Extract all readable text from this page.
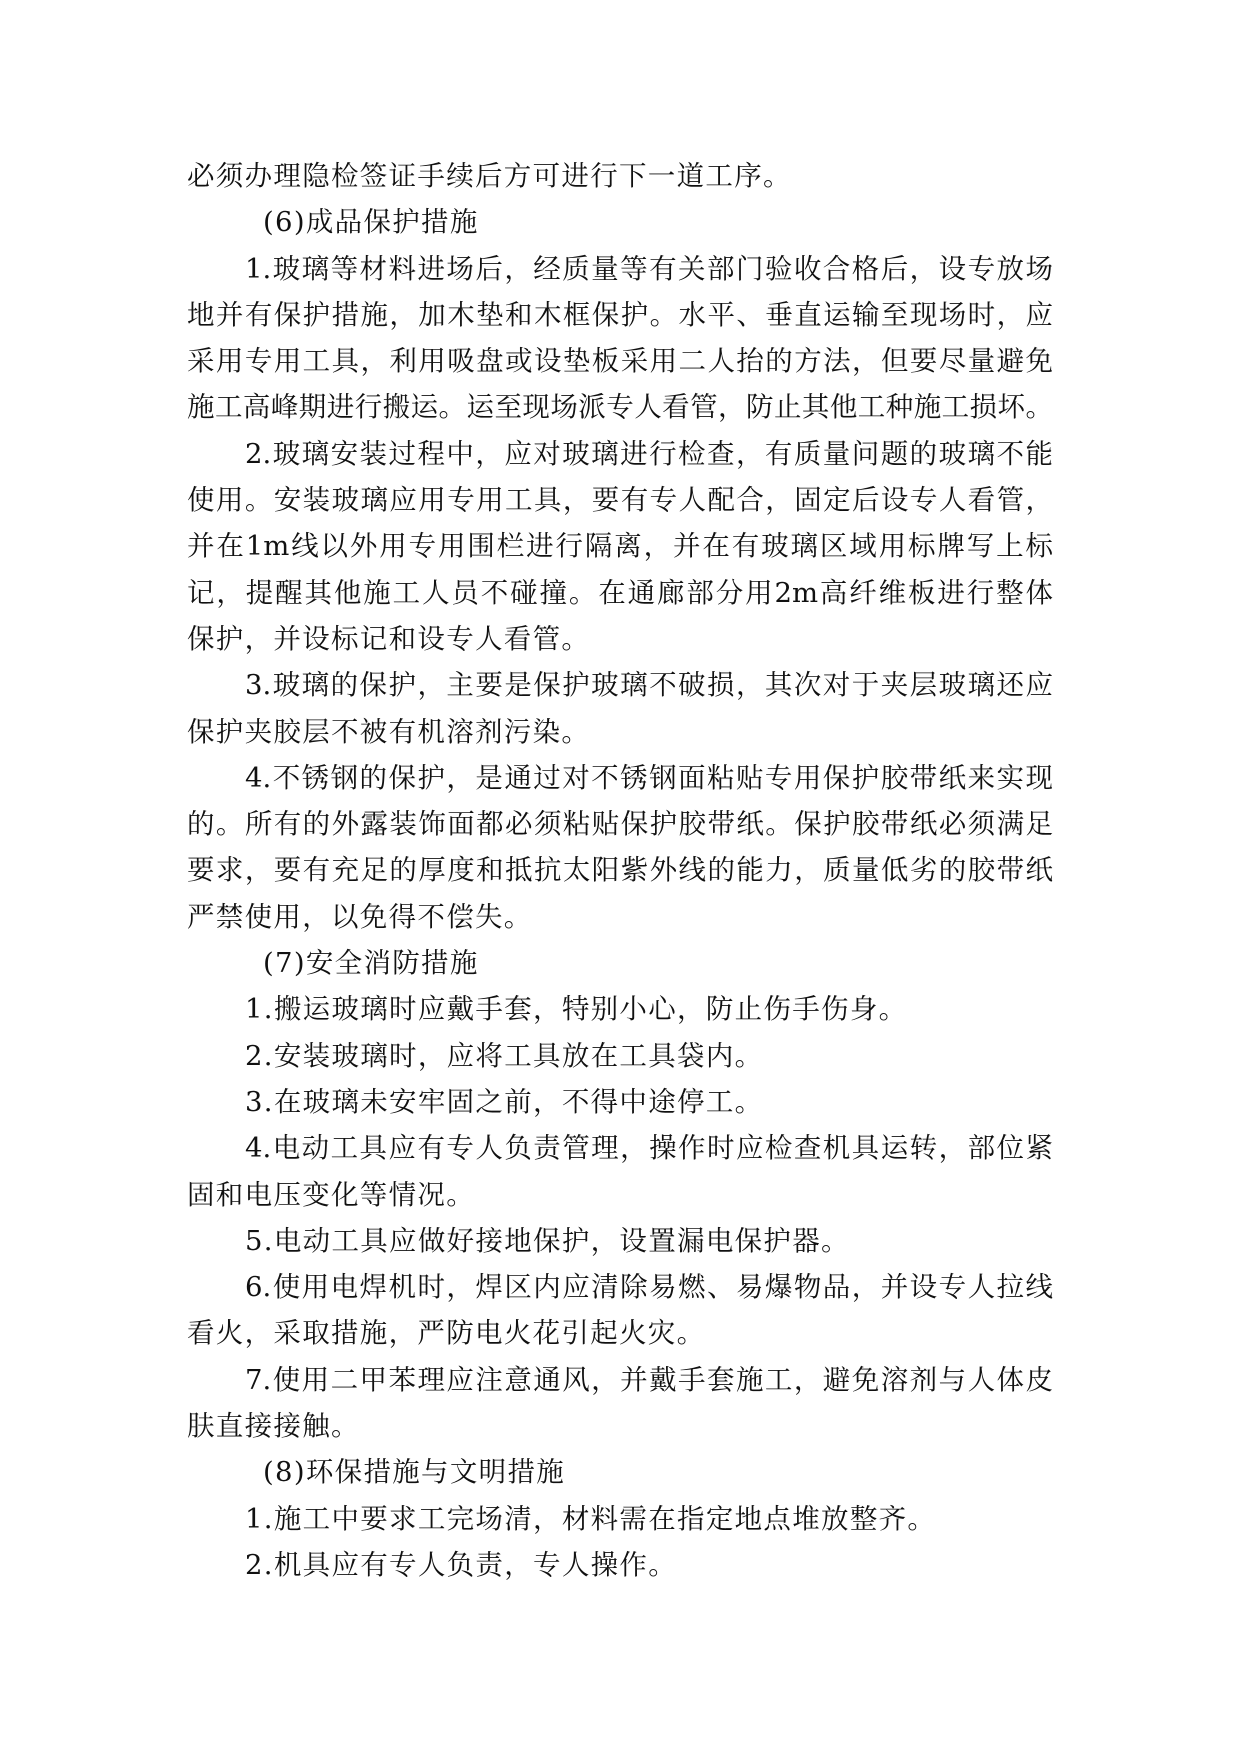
必须办理隐检签证手续后方可进行下一道工序。
(6)成品保护措施
1.玻璃等材料进场后，经质量等有关部门验收合格后，设专放场
地并有保护措施，加木垫和木框保护。水平、垂直运输至现场时，应
采用专用工具，利用吸盘或设垫板采用二人抬的方法，但要尽量避免
施工高峰期进行搬运。运至现场派专人看管，防止其他工种施工损坏。
2.玻璃安装过程中，应对玻璃进行检查，有质量问题的玻璃不能
使用。安装玻璃应用专用工具，要有专人配合，固定后设专人看管，
并在1m线以外用专用围栏进行隔离，并在有玻璃区域用标牌写上标
记，提醒其他施工人员不碰撞。在通廊部分用2m高纤维板进行整体
保护，并设标记和设专人看管。
3.玻璃的保护，主要是保护玻璃不破损，其次对于夹层玻璃还应
保护夹胶层不被有机溶剂污染。
4.不锈钢的保护，是通过对不锈钢面粘贴专用保护胶带纸来实现
的。所有的外露装饰面都必须粘贴保护胶带纸。保护胶带纸必须满足
要求，要有充足的厚度和抵抗太阳紫外线的能力，质量低劣的胶带纸
严禁使用，以免得不偿失。
(7)安全消防措施
1.搬运玻璃时应戴手套，特别小心，防止伤手伤身。
2.安装玻璃时，应将工具放在工具袋内。
3.在玻璃未安牢固之前，不得中途停工。
4.电动工具应有专人负责管理，操作时应检查机具运转，部位紧
固和电压变化等情况。
5.电动工具应做好接地保护，设置漏电保护器。
6.使用电焊机时，焊区内应清除易燃、易爆物品，并设专人拉线
看火，采取措施，严防电火花引起火灾。
7.使用二甲苯理应注意通风，并戴手套施工，避免溶剂与人体皮
肤直接接触。
(8)环保措施与文明措施
1.施工中要求工完场清，材料需在指定地点堆放整齐。
2.机具应有专人负责，专人操作。
